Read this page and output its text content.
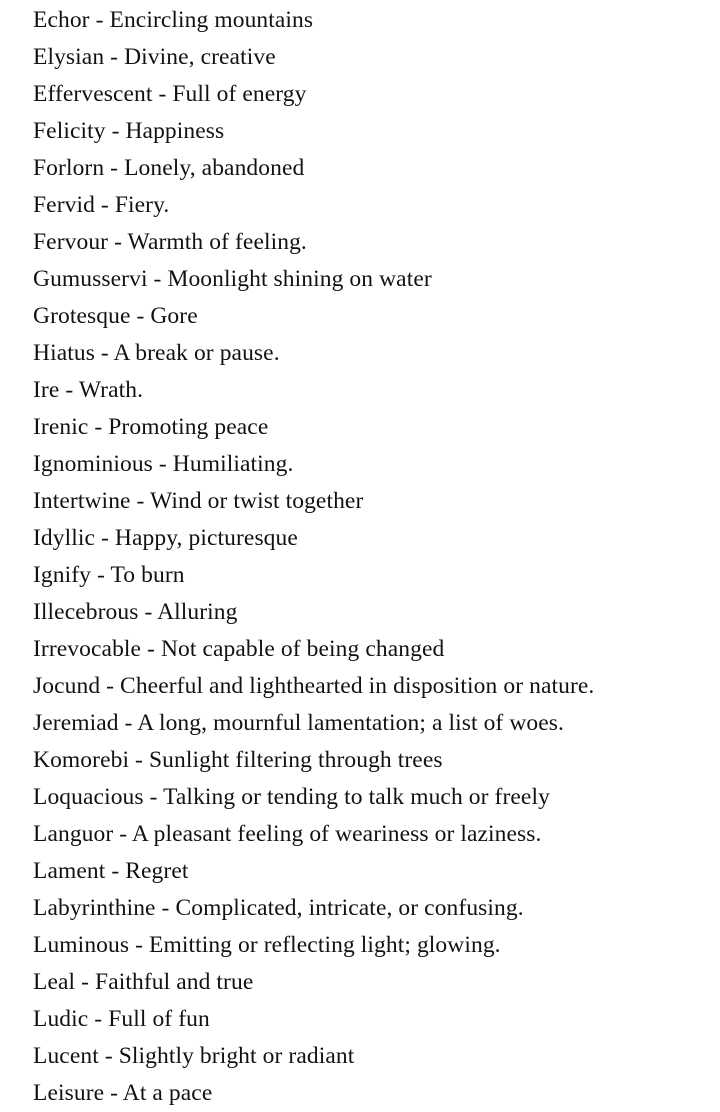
Echor - Encircling mountains
Elysian - Divine, creative
Effervescent - Full of energy
Felicity - Happiness
Forlorn - Lonely, abandoned
Fervid - Fiery.
Fervour - Warmth of feeling.
Gumusservi - Moonlight shining on water
Grotesque - Gore
Hiatus - A break or pause.
Ire - Wrath.
Irenic - Promoting peace
Ignominious - Humiliating.
Intertwine - Wind or twist together
Idyllic - Happy, picturesque
Ignify - To burn
Illecebrous - Alluring
Irrevocable - Not capable of being changed
Jocund - Cheerful and lighthearted in disposition or nature.
Jeremiad - A long, mournful lamentation; a list of woes.
Komorebi - Sunlight filtering through trees
Loquacious - Talking or tending to talk much or freely
Languor - A pleasant feeling of weariness or laziness.
Lament - Regret
Labyrinthine - Complicated, intricate, or confusing.
Luminous - Emitting or reflecting light; glowing.
Leal - Faithful and true
Ludic - Full of fun
Lucent - Slightly bright or radiant
Leisure - At a pace
